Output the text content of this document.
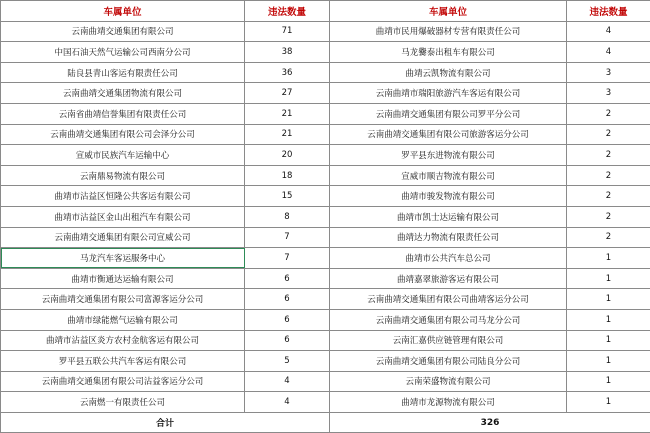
车属单位	违法数量	车属单位	违法数量
云南曲靖交通集团有限公司	71	曲靖市民用爆破器材专营有限责任公司	4
中国石油天然气运输公司西南分公司	38	马龙爨泰出租车有限公司	4
陆良县青山客运有限责任公司	36	曲靖云凯物流有限公司	3
云南曲靖交通集团物流有限公司	27	云南曲靖市瑞阳旅游汽车客运有限公司	3
云南省曲靖信誉集团有限责任公司	21	云南曲靖交通集团有限公司罗平分公司	2
云南曲靖交通集团有限公司会泽分公司	21	云南曲靖交通集团有限公司旅游客运分公司	2
宣威市民族汽车运输中心	20	罗平县东进物流有限公司	2
云南鼎易物流有限公司	18	宣威市顺吉物流有限公司	2
曲靖市沾益区恒隆公共客运有限公司	15	曲靖市骏发物流有限公司	2
曲靖市沾益区金山出租汽车有限公司	8	曲靖市凯士达运输有限公司	2
云南曲靖交通集团有限公司宣威公司	7	曲靖达力物流有限责任公司	2
马龙汽车客运服务中心	7	曲靖市公共汽车总公司	1
曲靖市衡通达运输有限公司	6	曲靖嘉翠旅游客运有限公司	1
云南曲靖交通集团有限公司富源客运分公司	6	云南曲靖交通集团有限公司曲靖客运分公司	1
曲靖市绿能燃气运输有限公司	6	云南曲靖交通集团有限公司马龙分公司	1
曲靖市沾益区炎方农村金航客运有限公司	6	云南汇嘉供应链管理有限公司	1
罗平县五联公共汽车客运有限公司	5	云南曲靖交通集团有限公司陆良分公司	1
云南曲靖交通集团有限公司沾益客运分公司	4	云南荣盛物流有限公司	1
云南燃一有限责任公司	4	曲靖市龙源物流有限公司	1
合计		326	
